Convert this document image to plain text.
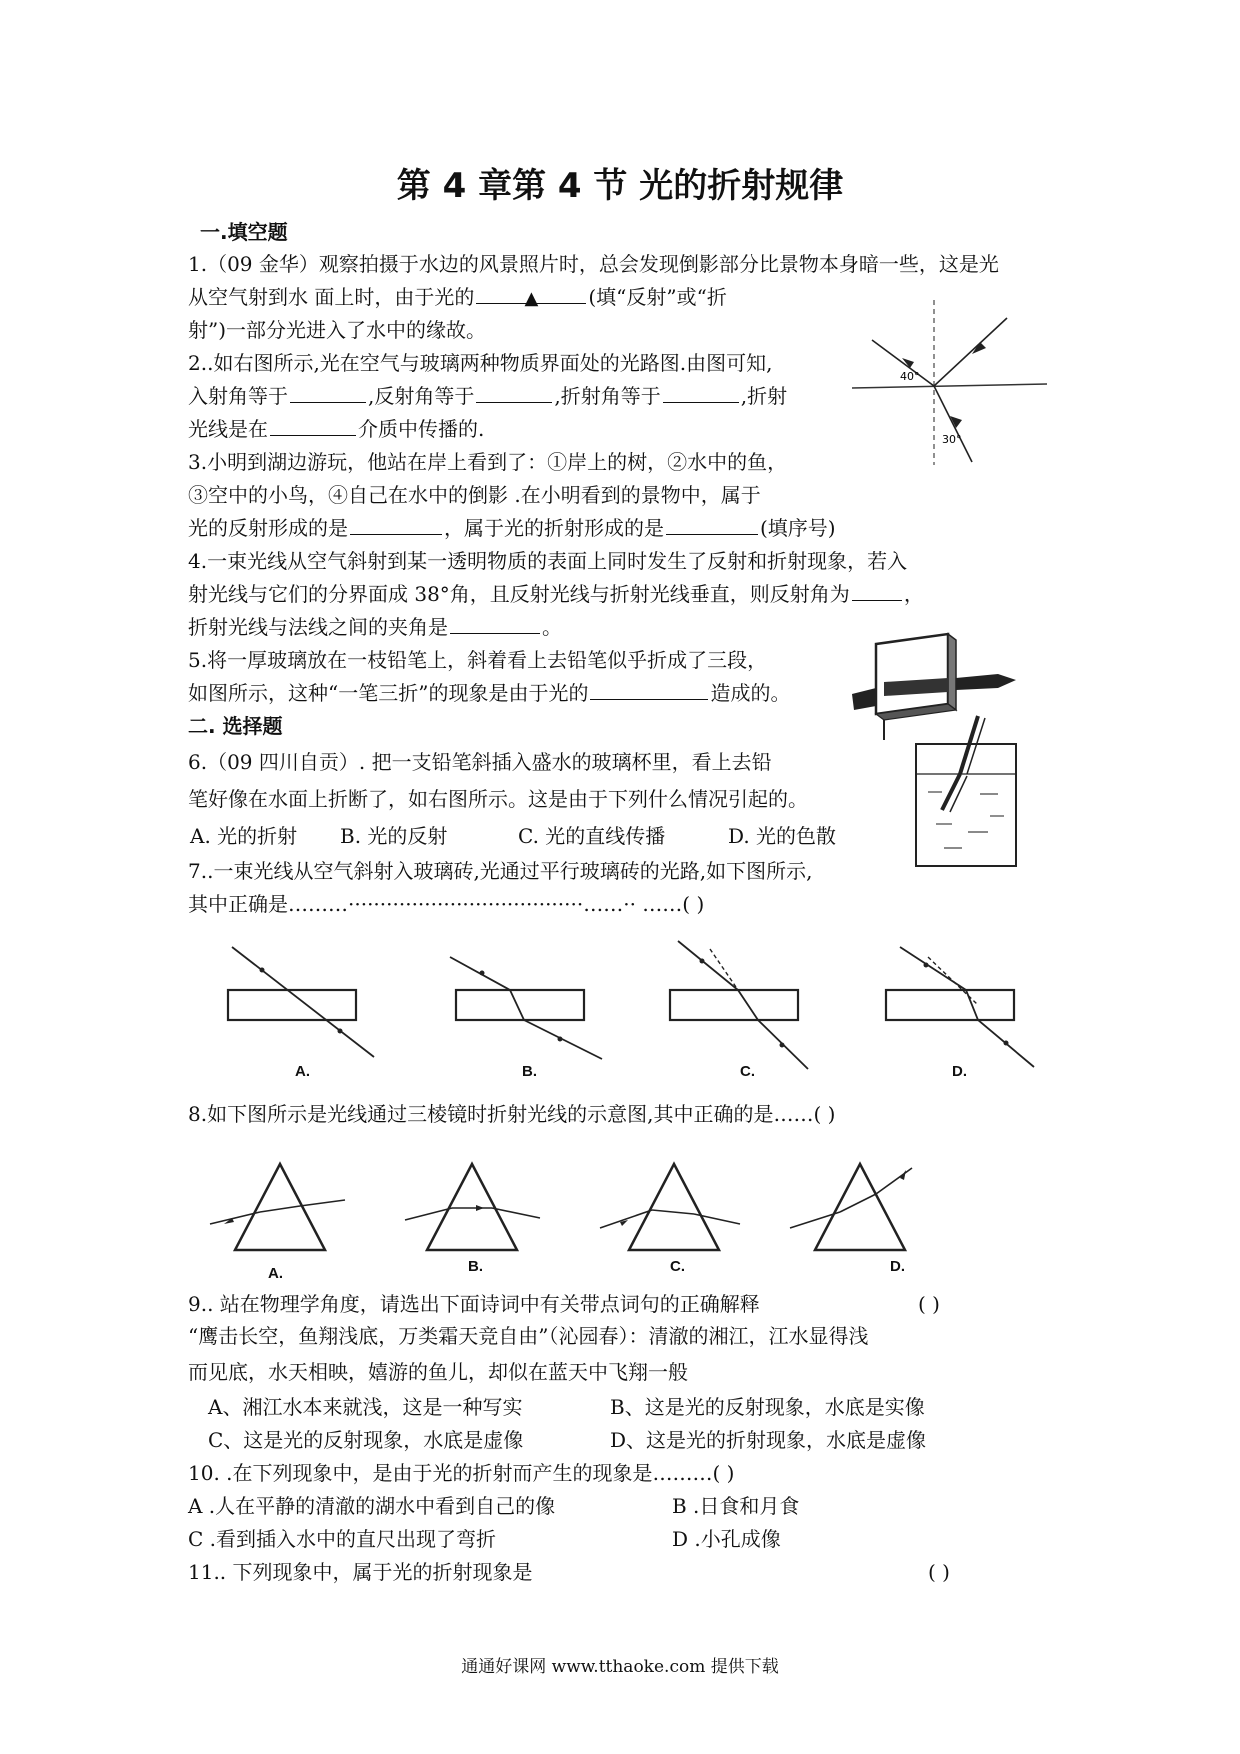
第 4 章第 4 节 光的折射规律
一.填空题
1.（09 金华）观察拍摄于水边的风景照片时，总会发现倒影部分比景物本身暗一些，这是光
从空气射到水 面上时，由于光的	▲	(填“反射”或“折
射”)一部分光进入了水中的缘故。
2..如右图所示,光在空气与玻璃两种物质界面处的光路图.由图可知,
入射角等于	,反射角等于	,折射角等于	,折射
光线是在	介质中传播的.
40°
30°
3.小明到湖边游玩，他站在岸上看到了：①岸上的树，②水中的鱼，
③空中的小鸟，④自己在水中的倒影 .在小明看到的景物中，属于
光的反射形成的是	，属于光的折射形成的是	(填序号)
4.一束光线从空气斜射到某一透明物质的表面上同时发生了反射和折射现象，若入
射光线与它们的分界面成 38°角，且反射光线与折射光线垂直，则反射角为	，
折射光线与法线之间的夹角是	。
5.将一厚玻璃放在一枝铅笔上，斜着看上去铅笔似乎折成了三段，
如图所示，这种“一笔三折”的现象是由于光的	造成的。
二. 选择题
6.（09 四川自贡）. 把一支铅笔斜插入盛水的玻璃杯里，看上去铅
笔好像在水面上折断了，如右图所示。这是由于下列什么情况引起的。
A. 光的折射 B. 光的反射	C. 光的直线传播	D. 光的色散
7..一束光线从空气斜射入玻璃砖,光通过平行玻璃砖的光路,如下图所示,
其中正确是………·····································……·· ……( )
A.	B.	C.	D.
8.如下图所示是光线通过三棱镜时折射光线的示意图,其中正确的是……( )
A.	B.	C.	D.
9.. 站在物理学角度，请选出下面诗词中有关带点词句的正确解释	( )
“鹰击长空，鱼翔浅底，万类霜天竞自由”（沁园春）：清澈的湘江，江水显得浅
而见底，水天相映，嬉游的鱼儿，却似在蓝天中飞翔一般
A、湘江水本来就浅，这是一种写实	B、这是光的反射现象，水底是实像
C、这是光的反射现象，水底是虚像	D、这是光的折射现象，水底是虚像
10. .在下列现象中，是由于光的折射而产生的现象是………( )
A .人在平静的清澈的湖水中看到自己的像	B .日食和月食
C .看到插入水中的直尺出现了弯折	D .小孔成像
11.. 下列现象中，属于光的折射现象是	( )
通通好课网 www.tthaoke.com 提供下载
